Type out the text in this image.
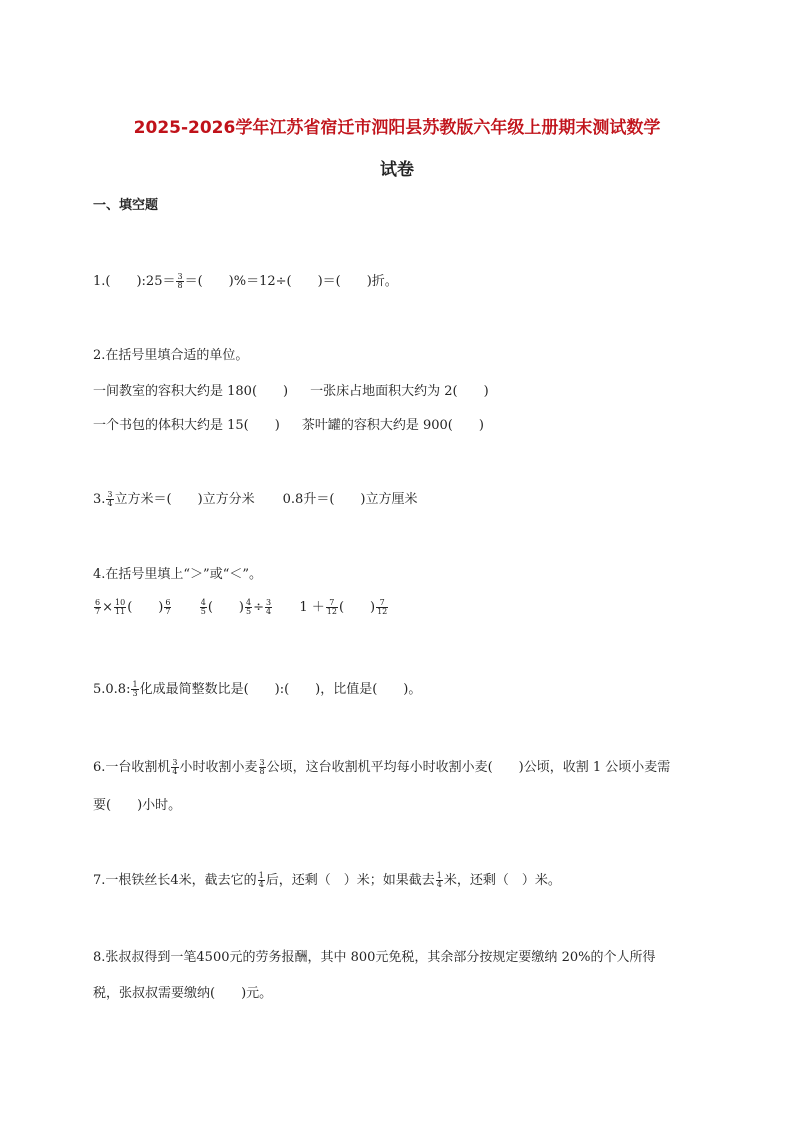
2025-2026学年江苏省宿迁市泗阳县苏教版六年级上册期末测试数学
试卷
一、填空题
1.(　　):25＝ $\frac{3}{8}$ ＝(　　)%＝12÷(　　)＝(　　)折。
2.在括号里填合适的单位。
一间教室的容积大约是 180(　　) 一张床占地面积大约为 2(　　)
一个书包的体积大约是 15(　　) 茶叶罐的容积大约是 900(　　)
3. $\frac{3}{4}$ 立方米＝(　　)立方分米 0.8升＝(　　)立方厘米
4.在括号里填上“＞”或“＜”。
$\frac{6}{7} \times \frac{10}{11}$ (　　) $\frac{6}{7}$
	$\frac{4}{5}$ (　　) $\frac{4}{5} \div \frac{3}{4} 1 + \frac{7}{12}$ (　　) $\frac{7}{12}$
5.0.8: $\frac{1}{3}$ 化成最简整数比是(　　):(　　)，比值是(　　)。
6.一台收割机 $\frac{3}{4}$ 小时收割小麦 $\frac{3}{8}$ 公顷，这台收割机平均每小时收割小麦(　　)公顷，收割 1 公顷小麦需
要(　　)小时。
7.一根铁丝长4米，截去它的 $\frac{1}{4}$ 后，还剩（　）米；如果截去 $\frac{1}{4}$ 米，还剩（　）米。
8.张叔叔得到一笔4500元的劳务报酬，其中 800元免税，其余部分按规定要缴纳 20%的个人所得
税，张叔叔需要缴纳(　　)元。
